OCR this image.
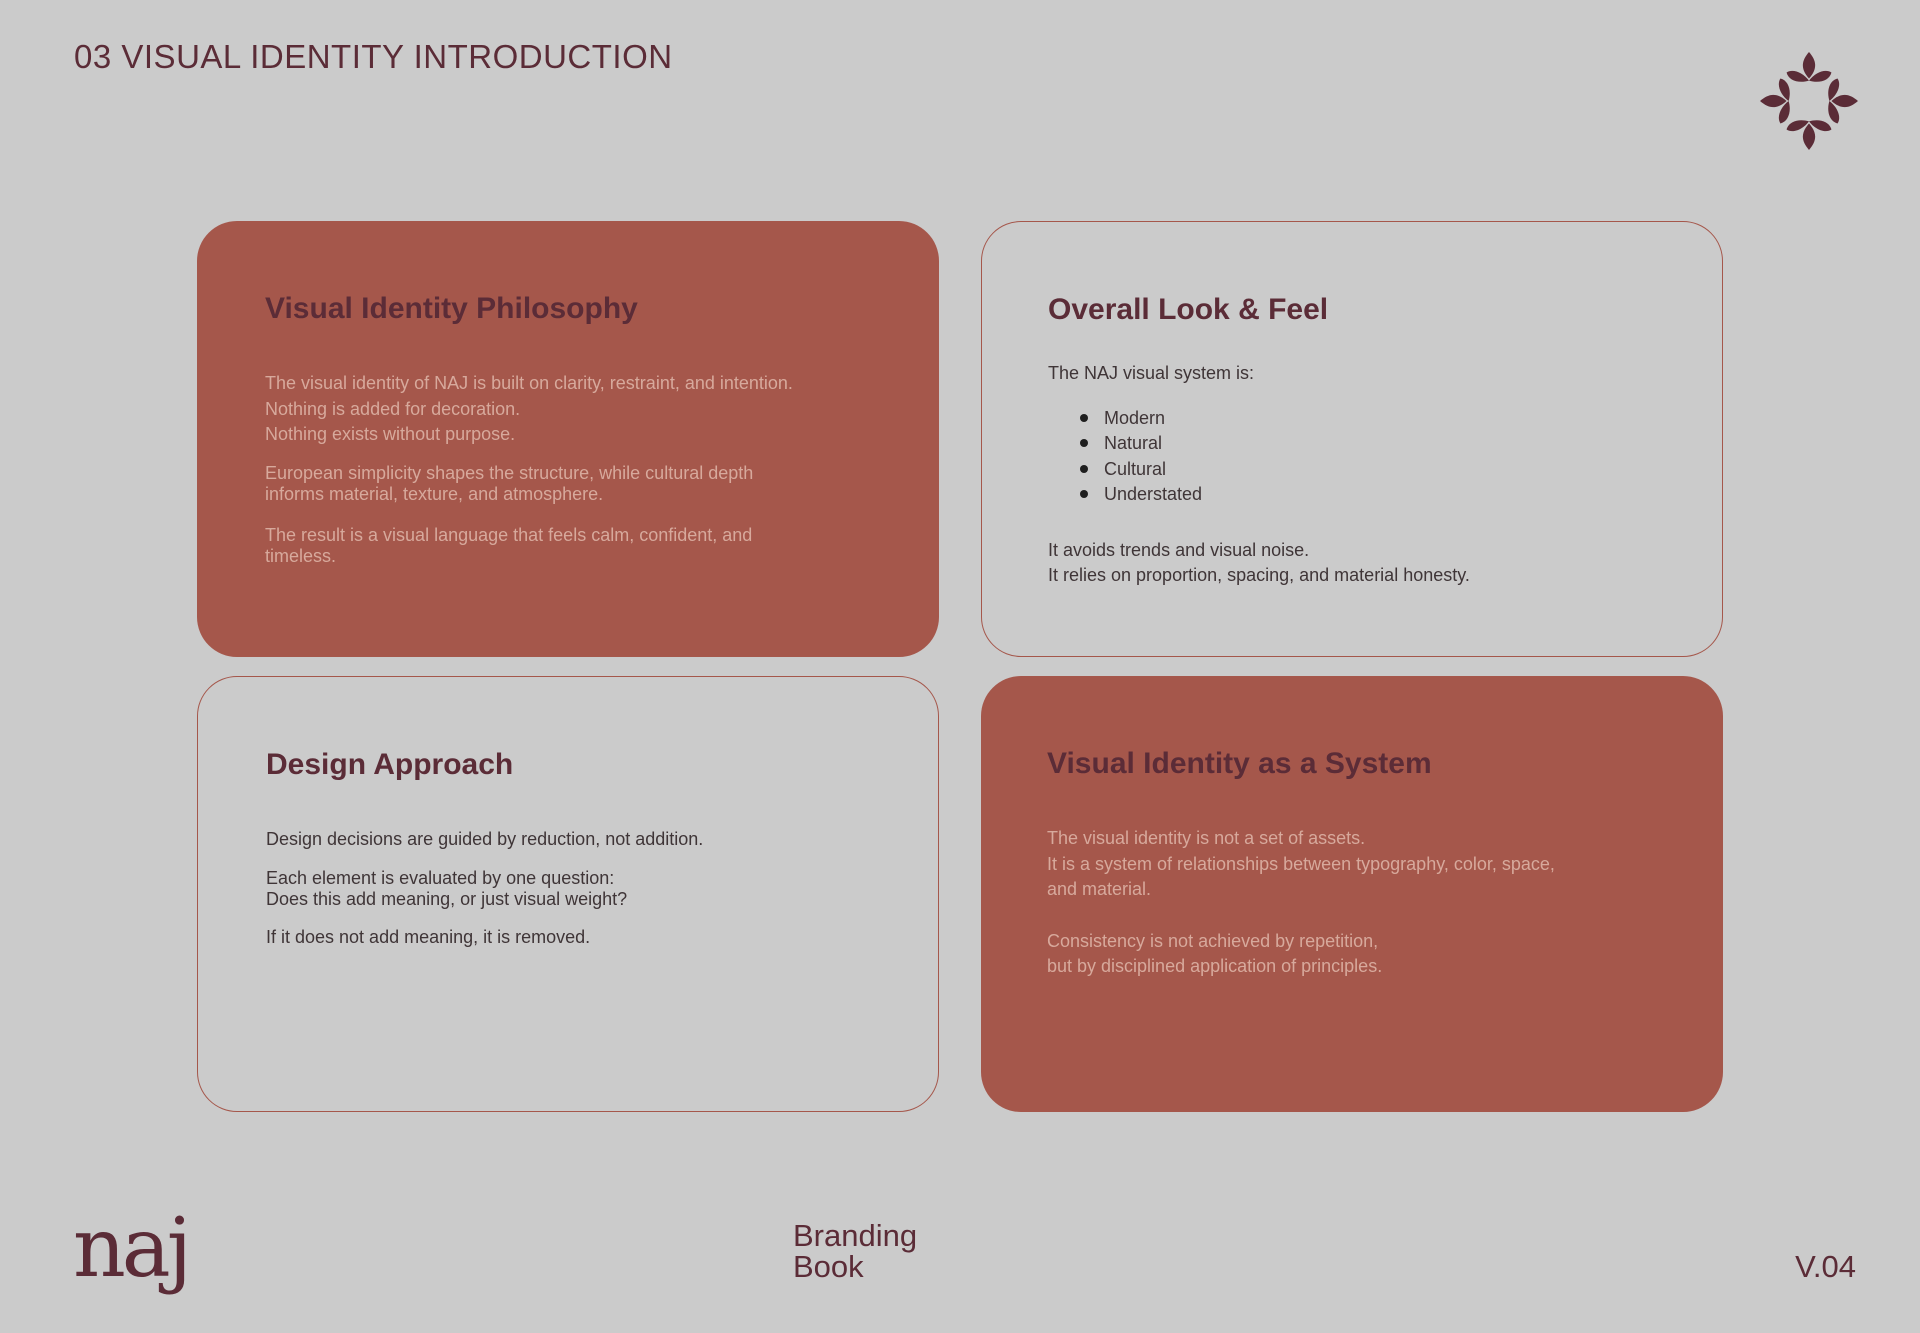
03 VISUAL IDENTITY INTRODUCTION
Visual Identity Philosophy

The visual identity of NAJ is built on clarity, restraint, and intention.

Nothing is added for decoration.

Nothing exists without purpose.

European simplicity shapes the structure, while cultural depth

informs material, texture, and atmosphere.

The result is a visual language that feels calm, confident, and

timeless.

Overall Look & Feel

The NAJ visual system is:

Modern
Natural
Cultural
Understated

It avoids trends and visual noise.

It relies on proportion, spacing, and material honesty.

Design Approach

Design decisions are guided by reduction, not addition.

Each element is evaluated by one question:

Does this add meaning, or just visual weight?

If it does not add meaning, it is removed.

Visual Identity as a System

The visual identity is not a set of assets.

It is a system of relationships between typography, color, space,

and material.

Consistency is not achieved by repetition,

but by disciplined application of principles.

naj	Branding
Book	V.04
